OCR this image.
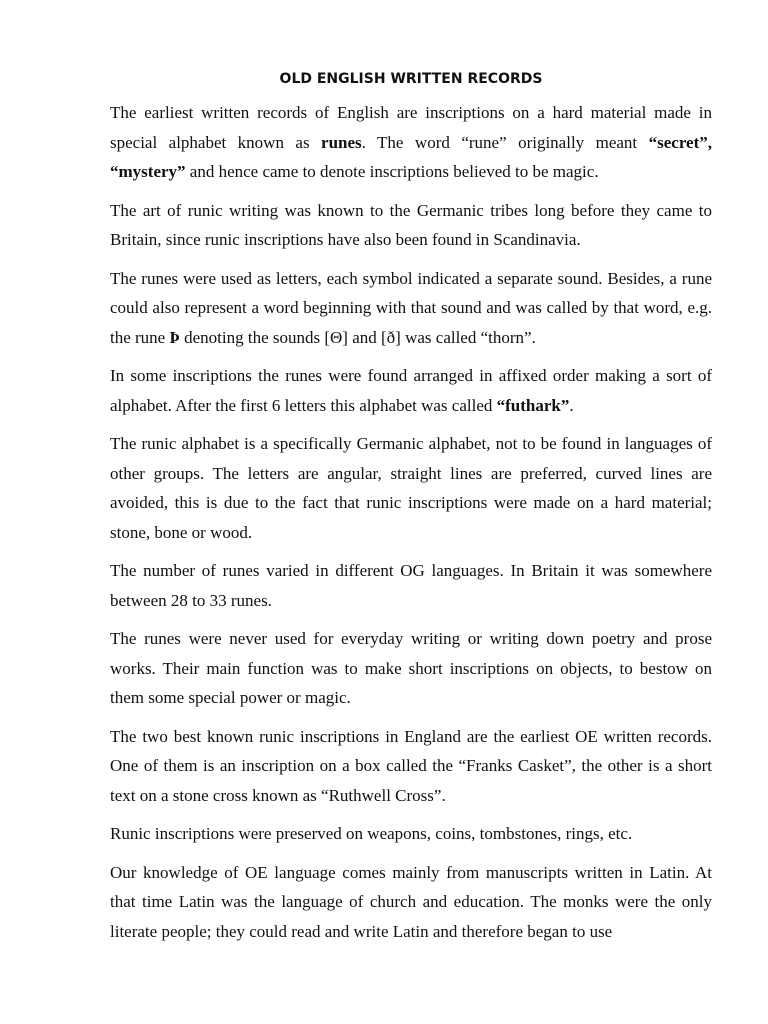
OLD ENGLISH WRITTEN RECORDS

The earliest written records of English are inscriptions on a hard material made in special alphabet known as runes. The word “rune” originally meant “secret”, “mystery” and hence came to denote inscriptions believed to be magic.

The art of runic writing was known to the Germanic tribes long before they came to Britain, since runic inscriptions have also been found in Scandinavia.

The runes were used as letters, each symbol indicated a separate sound. Besides, a rune could also represent a word beginning with that sound and was called by that word, e.g. the rune Þ denoting the sounds [Θ] and [ð] was called “thorn”.

In some inscriptions the runes were found arranged in affixed order making a sort of alphabet. After the first 6 letters this alphabet was called “futhark”.

The runic alphabet is a specifically Germanic alphabet, not to be found in languages of other groups. The letters are angular, straight lines are preferred, curved lines are avoided, this is due to the fact that runic inscriptions were made on a hard material; stone, bone or wood.

The number of runes varied in different OG languages. In Britain it was somewhere between 28 to 33 runes.

The runes were never used for everyday writing or writing down poetry and prose works. Their main function was to make short inscriptions on objects, to bestow on them some special power or magic.

The two best known runic inscriptions in England are the earliest OE written records. One of them is an inscription on a box called the “Franks Casket”, the other is a short text on a stone cross known as “Ruthwell Cross”.

Runic inscriptions were preserved on weapons, coins, tombstones, rings, etc.

Our knowledge of OE language comes mainly from manuscripts written in Latin. At that time Latin was the language of church and education. The monks were the only literate people; they could read and write Latin and therefore began to use
